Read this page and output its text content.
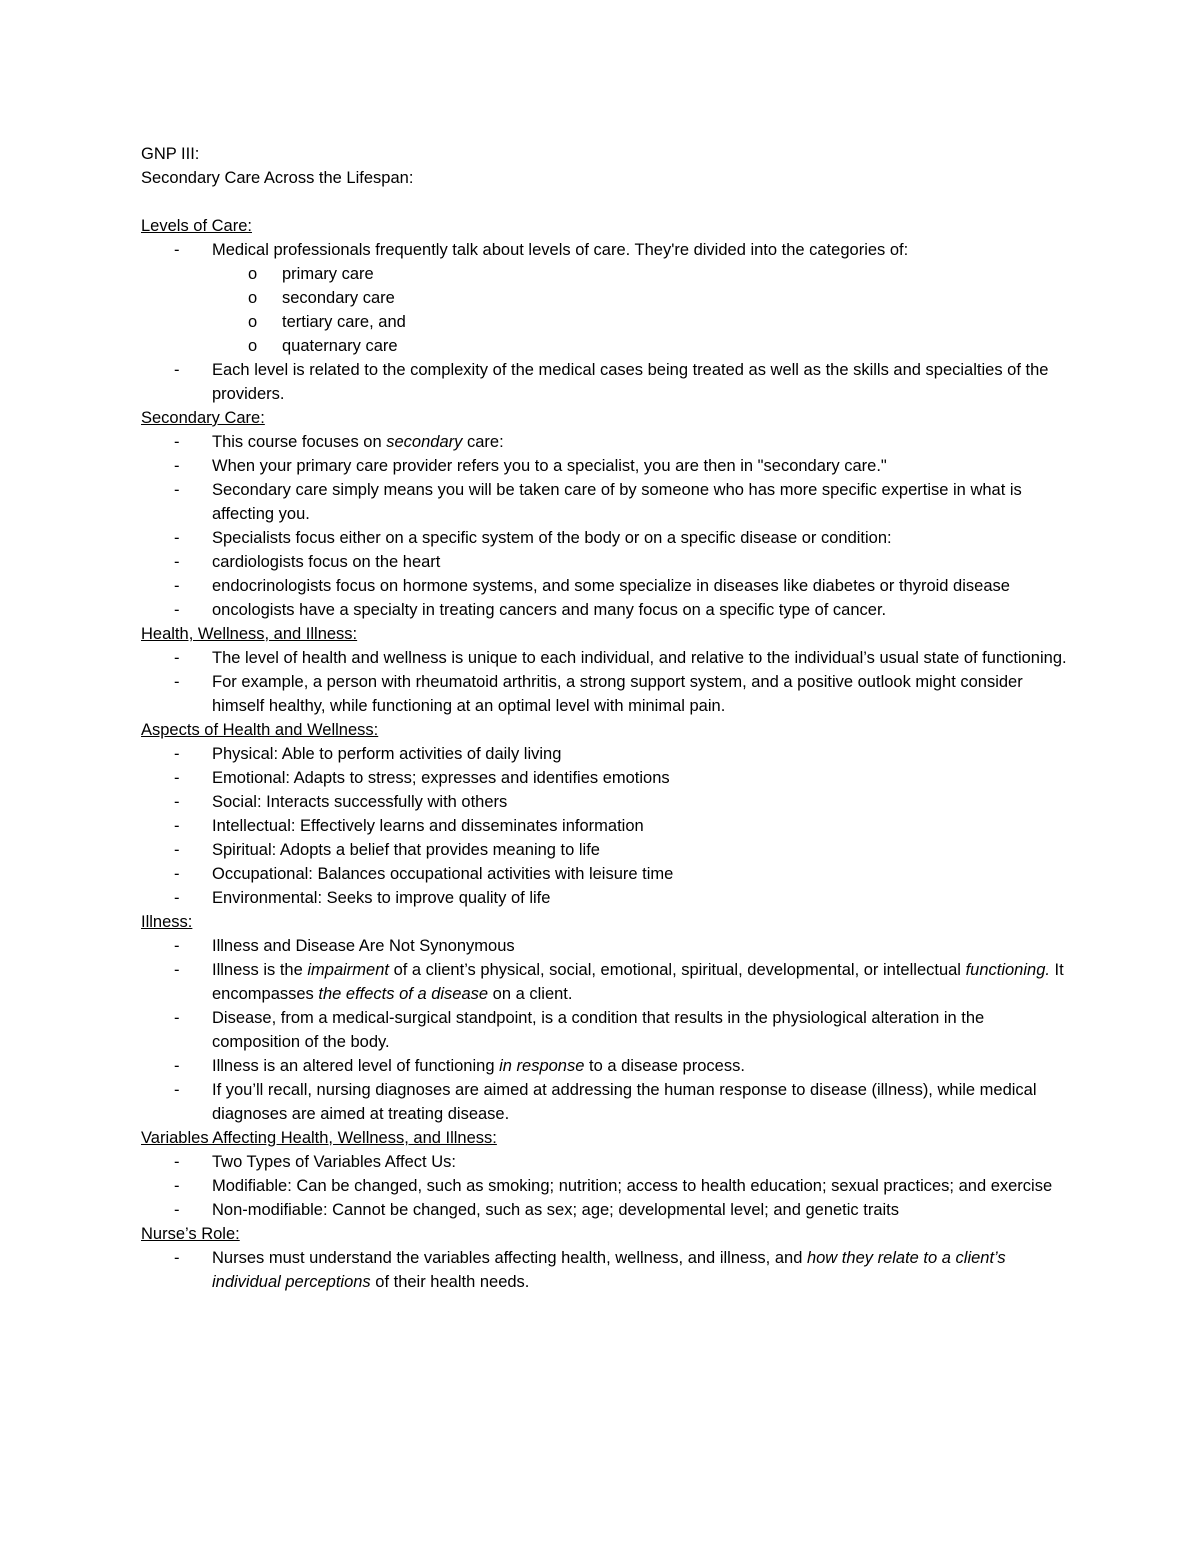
GNP III:
Secondary Care Across the Lifespan:
Levels of Care:
- Medical professionals frequently talk about levels of care. They're divided into the categories of:
o primary care
o secondary care
o tertiary care, and
o quaternary care
- Each level is related to the complexity of the medical cases being treated as well as the skills and specialties of the providers.
Secondary Care:
- This course focuses on secondary care:
- When your primary care provider refers you to a specialist, you are then in "secondary care."
- Secondary care simply means you will be taken care of by someone who has more specific expertise in what is affecting you.
- Specialists focus either on a specific system of the body or on a specific disease or condition:
- cardiologists focus on the heart
- endocrinologists focus on hormone systems, and some specialize in diseases like diabetes or thyroid disease
- oncologists have a specialty in treating cancers and many focus on a specific type of cancer.
Health, Wellness, and Illness:
- The level of health and wellness is unique to each individual, and relative to the individual’s usual state of functioning.
- For example, a person with rheumatoid arthritis, a strong support system, and a positive outlook might consider himself healthy, while functioning at an optimal level with minimal pain.
Aspects of Health and Wellness:
- Physical: Able to perform activities of daily living
- Emotional: Adapts to stress; expresses and identifies emotions
- Social: Interacts successfully with others
- Intellectual: Effectively learns and disseminates information
- Spiritual: Adopts a belief that provides meaning to life
- Occupational: Balances occupational activities with leisure time
- Environmental: Seeks to improve quality of life
Illness:
- Illness and Disease Are Not Synonymous
- Illness is the impairment of a client’s physical, social, emotional, spiritual, developmental, or intellectual functioning. It encompasses the effects of a disease on a client.
- Disease, from a medical-surgical standpoint, is a condition that results in the physiological alteration in the composition of the body.
- Illness is an altered level of functioning in response to a disease process.
- If you’ll recall, nursing diagnoses are aimed at addressing the human response to disease (illness), while medical diagnoses are aimed at treating disease.
Variables Affecting Health, Wellness, and Illness:
- Two Types of Variables Affect Us:
- Modifiable: Can be changed, such as smoking; nutrition; access to health education; sexual practices; and exercise
- Non-modifiable: Cannot be changed, such as sex; age; developmental level; and genetic traits
Nurse’s Role:
- Nurses must understand the variables affecting health, wellness, and illness, and how they relate to a client’s individual perceptions of their health needs.
